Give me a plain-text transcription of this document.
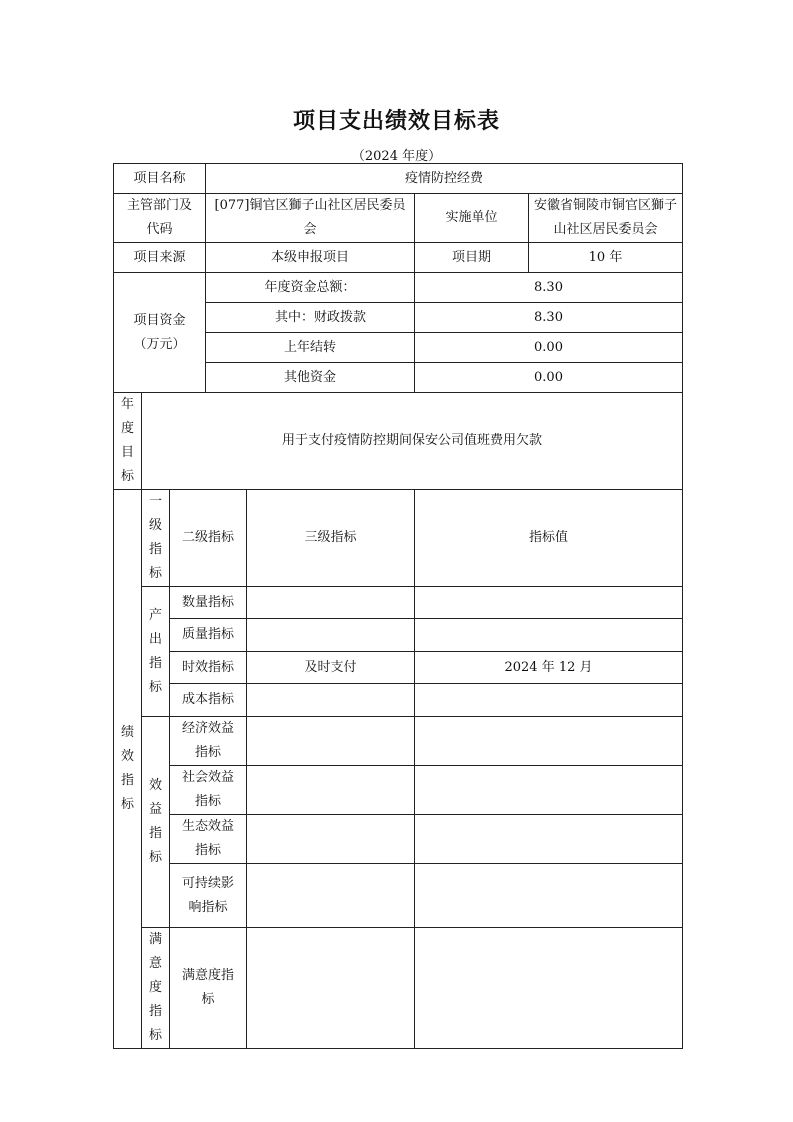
项目支出绩效目标表
（2024 年度）
项目名称			疫情防控经费			
主管部门及代码			[077]铜官区獅子山社区居民委员会		实施单位	安徽省铜陵市铜官区獅子山社区居民委员会
项目来源			本级申报项目		项目期	10 年
项目资金（万元）			年度资金总额：		8.30	
			其中：财政拨款		8.30	
			上年结转		0.00	
			其他资金		0.00	
年度目标	用于支付疫情防控期间保安公司值班费用欠款					
绩效指标	一级指标	二级指标		三级指标	指标值	
	产出指标	数量指标				
		质量指标				
		时效指标		及时支付	2024 年 12 月	
		成本指标				
	效益指标	经济效益指标				
		社会效益指标				
		生态效益指标				
		可持续影响指标				
	满意度指标	满意度指标				
